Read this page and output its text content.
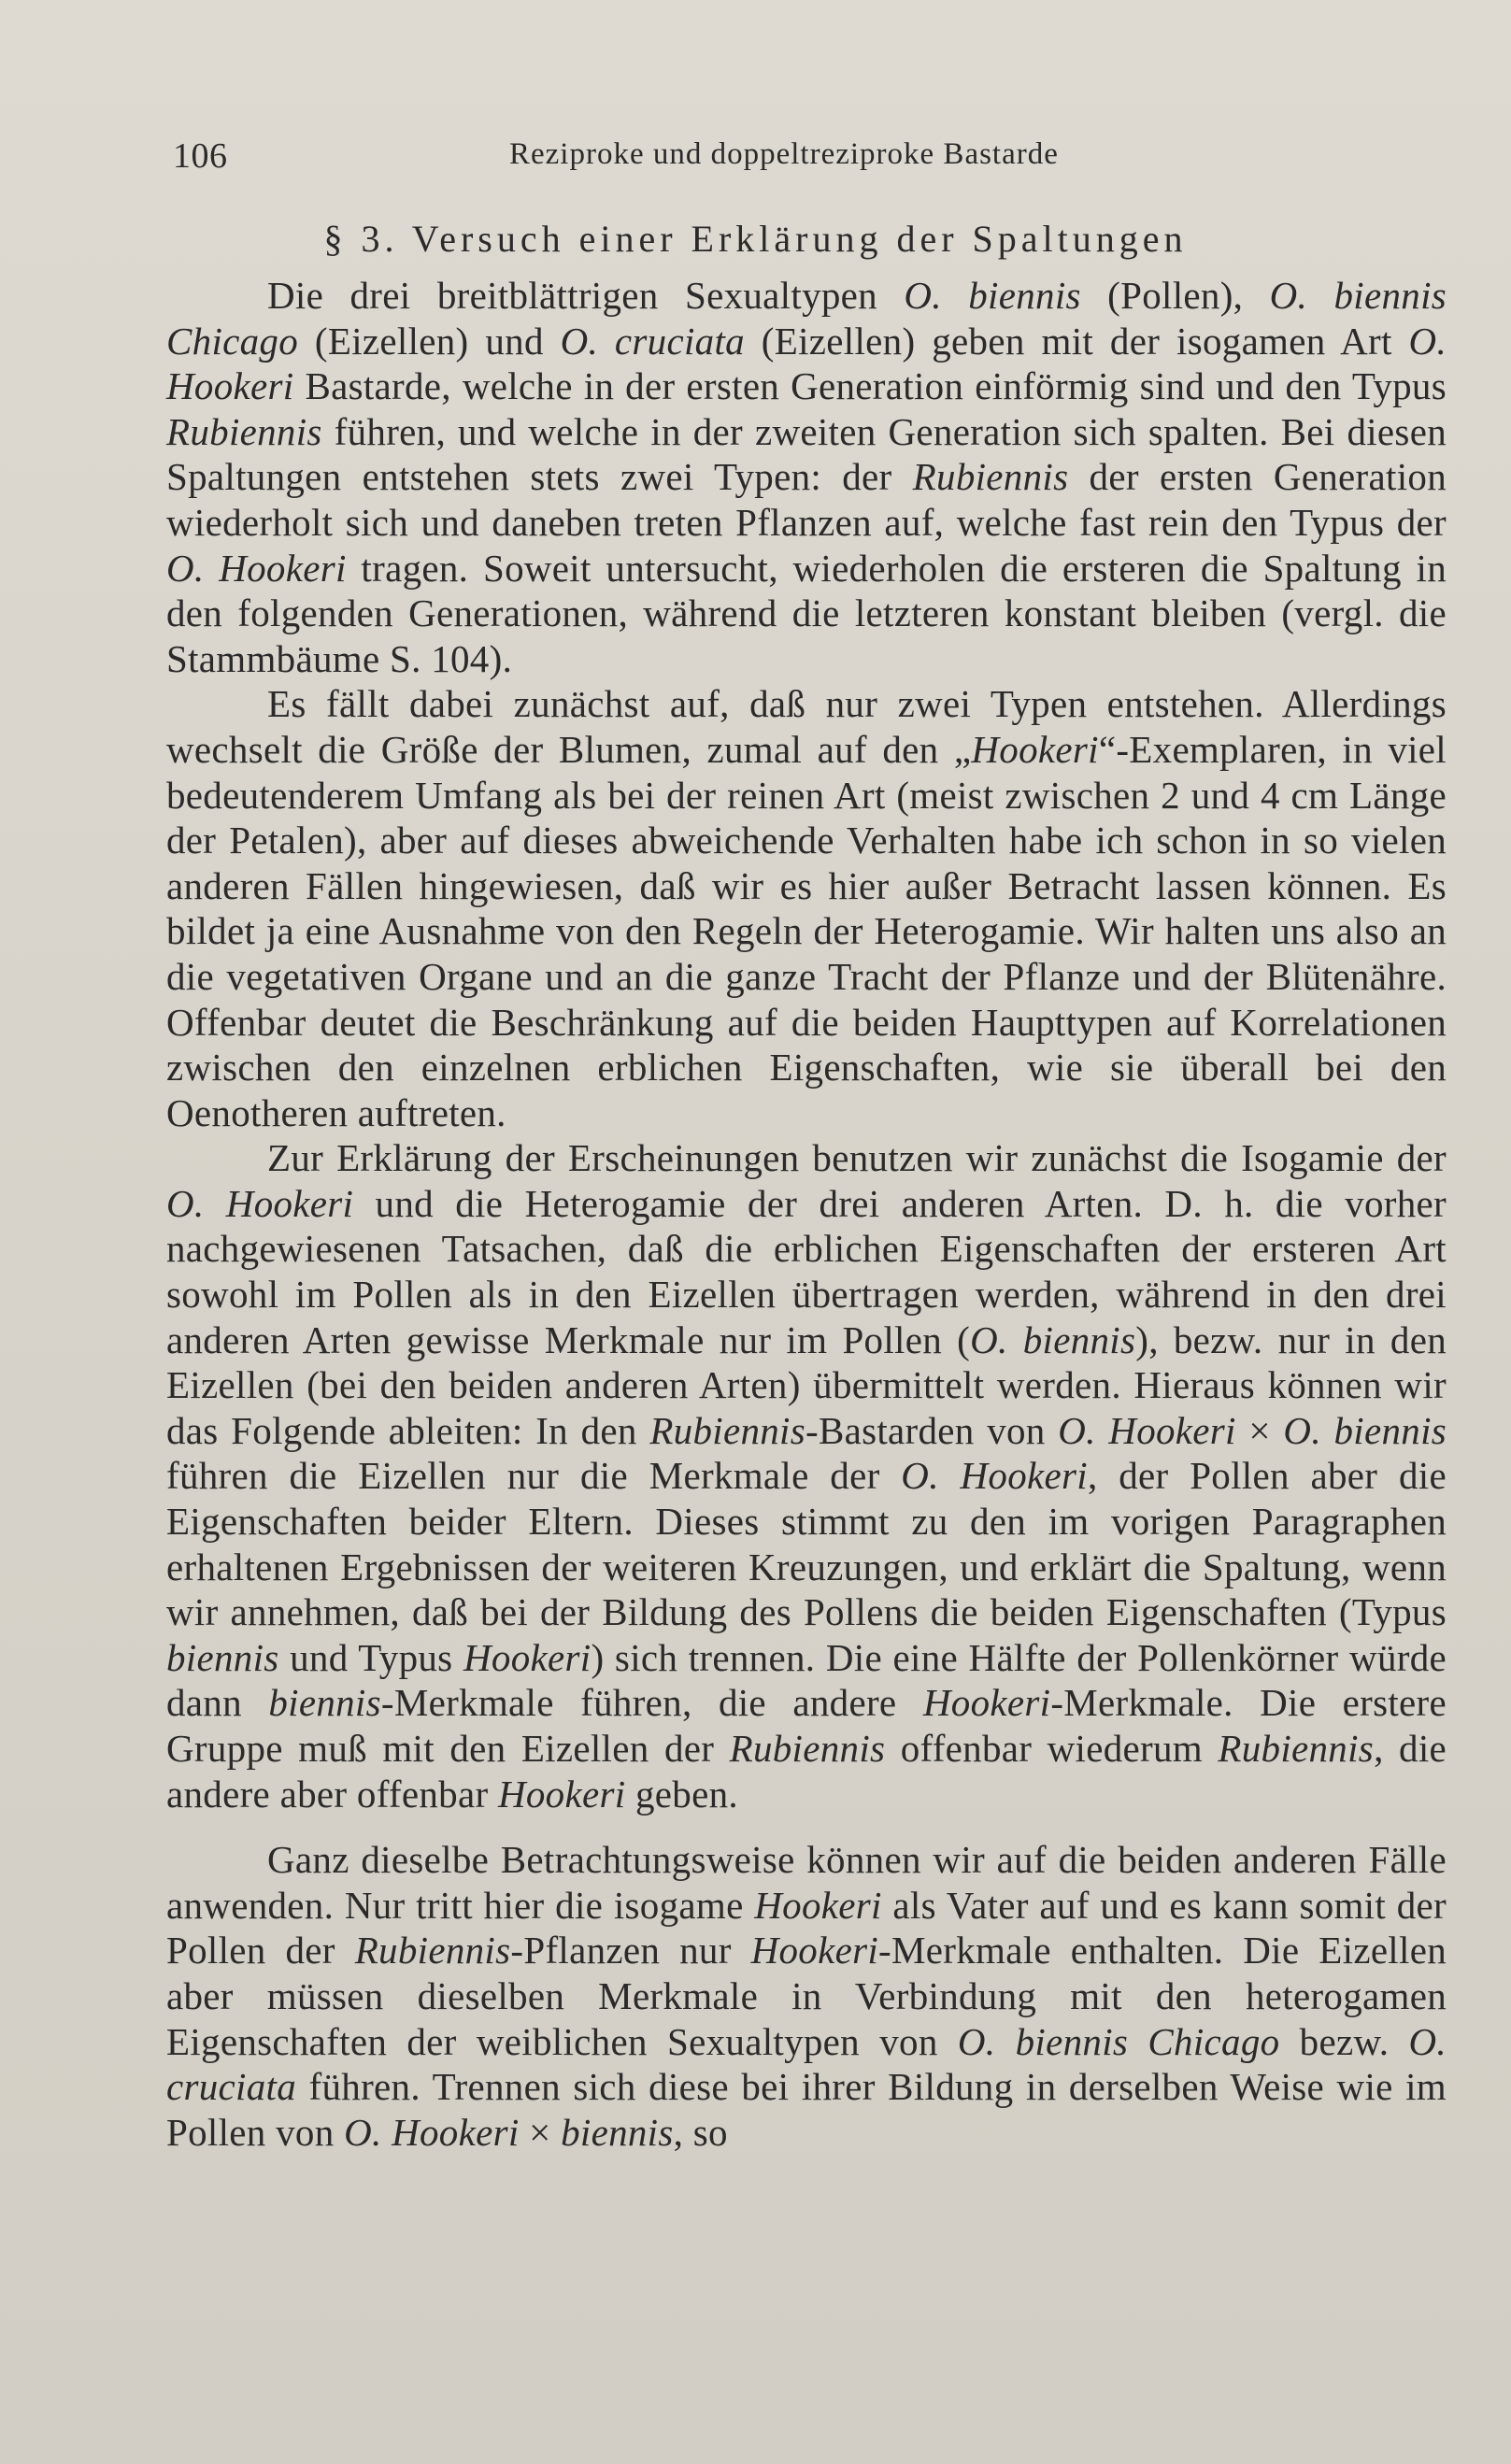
106	Reziproke und doppeltreziproke Bastarde
§ 3. Versuch einer Erklärung der Spaltungen

Die drei breitblättrigen Sexualtypen O. biennis (Pollen), O. biennis Chicago (Eizellen) und O. cruciata (Eizellen) geben mit der isogamen Art O. Hookeri Bastarde, welche in der ersten Generation einförmig sind und den Typus Rubiennis führen, und welche in der zweiten Generation sich spalten. Bei diesen Spaltungen entstehen stets zwei Typen: der Rubiennis der ersten Generation wiederholt sich und daneben treten Pflanzen auf, welche fast rein den Typus der O. Hookeri tragen. Soweit untersucht, wiederholen die ersteren die Spaltung in den folgenden Generationen, während die letzteren konstant bleiben (vergl. die Stammbäume S. 104).

Es fällt dabei zunächst auf, daß nur zwei Typen entstehen. Allerdings wechselt die Größe der Blumen, zumal auf den „Hookeri“-Exemplaren, in viel bedeutenderem Umfang als bei der reinen Art (meist zwischen 2 und 4 cm Länge der Petalen), aber auf dieses abweichende Verhalten habe ich schon in so vielen anderen Fällen hingewiesen, daß wir es hier außer Betracht lassen können. Es bildet ja eine Ausnahme von den Regeln der Heterogamie. Wir halten uns also an die vegetativen Organe und an die ganze Tracht der Pflanze und der Blütenähre. Offenbar deutet die Beschränkung auf die beiden Haupttypen auf Korrelationen zwischen den einzelnen erblichen Eigenschaften, wie sie überall bei den Oenotheren auftreten.

Zur Erklärung der Erscheinungen benutzen wir zunächst die Isogamie der O. Hookeri und die Heterogamie der drei anderen Arten. D. h. die vorher nachgewiesenen Tatsachen, daß die erblichen Eigenschaften der ersteren Art sowohl im Pollen als in den Eizellen übertragen werden, während in den drei anderen Arten gewisse Merkmale nur im Pollen (O. biennis), bezw. nur in den Eizellen (bei den beiden anderen Arten) übermittelt werden. Hieraus können wir das Folgende ableiten: In den Rubiennis-Bastarden von O. Hookeri × O. biennis führen die Eizellen nur die Merkmale der O. Hookeri, der Pollen aber die Eigenschaften beider Eltern. Dieses stimmt zu den im vorigen Paragraphen erhaltenen Ergebnissen der weiteren Kreuzungen, und erklärt die Spaltung, wenn wir annehmen, daß bei der Bildung des Pollens die beiden Eigenschaften (Typus biennis und Typus Hookeri) sich trennen. Die eine Hälfte der Pollenkörner würde dann biennis-Merkmale führen, die andere Hookeri-Merkmale. Die erstere Gruppe muß mit den Eizellen der Rubiennis offenbar wiederum Rubiennis, die andere aber offenbar Hookeri geben.

Ganz dieselbe Betrachtungsweise können wir auf die beiden anderen Fälle anwenden. Nur tritt hier die isogame Hookeri als Vater auf und es kann somit der Pollen der Rubiennis-Pflanzen nur Hookeri-Merkmale enthalten. Die Eizellen aber müssen dieselben Merkmale in Verbindung mit den heterogamen Eigenschaften der weiblichen Sexualtypen von O. biennis Chicago bezw. O. cruciata führen. Trennen sich diese bei ihrer Bildung in derselben Weise wie im Pollen von O. Hookeri × biennis, so
